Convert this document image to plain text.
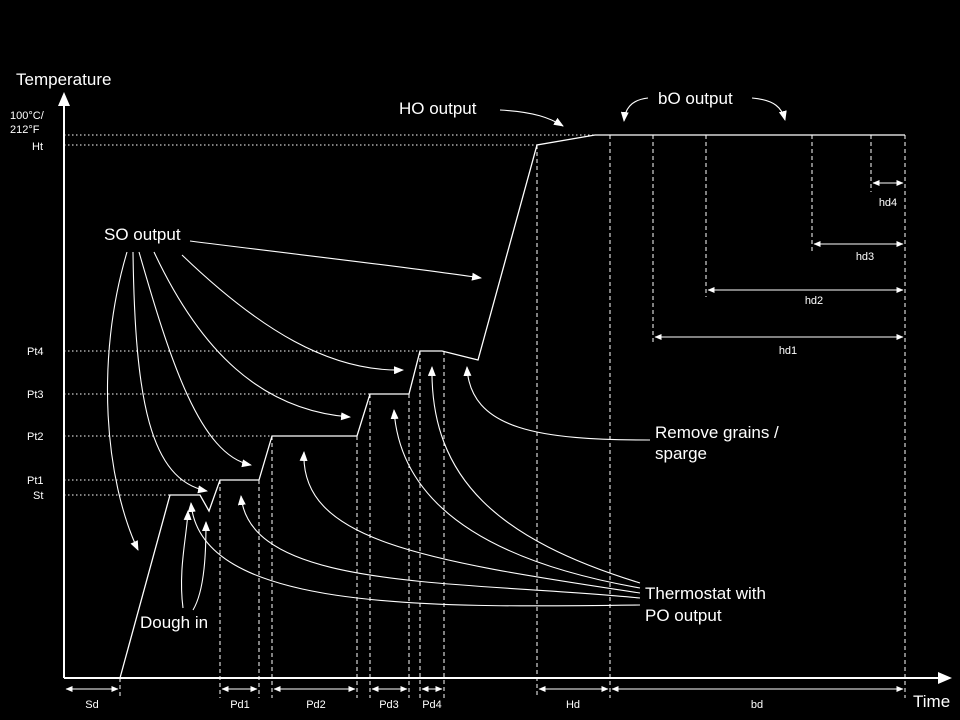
Temperature
Time
100°C/
212°F
Ht
Pt4
Pt3
Pt2
Pt1
St
Sd	Pd1	Pd2	Pd3 Pd4	Hd	bd
hd1
hd2
hd3
hd4
SO output
HO output
bO output
Remove grains /
sparge
Thermostat with
PO output
Dough in
